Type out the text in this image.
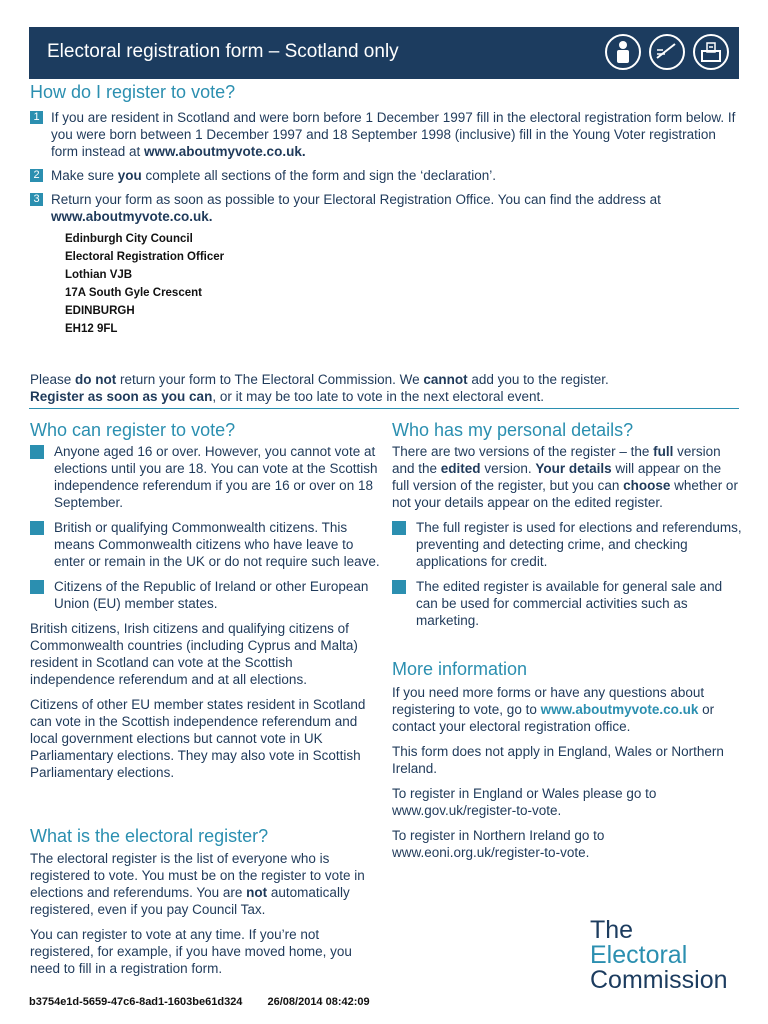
Electoral registration form – Scotland only
How do I register to vote?
1 If you are resident in Scotland and were born before 1 December 1997 fill in the electoral registration form below. If you were born between 1 December 1997 and 18 September 1998 (inclusive) fill in the Young Voter registration form instead at www.aboutmyvote.co.uk.

2 Make sure you complete all sections of the form and sign the ‘declaration’.

3 Return your form as soon as possible to your Electoral Registration Office. You can find the address at www.aboutmyvote.co.uk.

Edinburgh City Council
Electoral Registration Officer
Lothian VJB
17A South Gyle Crescent
EDINBURGH
EH12 9FL

Please do not return your form to The Electoral Commission. We cannot add you to the register.

Register as soon as you can, or it may be too late to vote in the next electoral event.

Who can register to vote?

Anyone aged 16 or over. However, you cannot vote at elections until you are 18. You can vote at the Scottish independence referendum if you are 16 or over on 18 September.

British or qualifying Commonwealth citizens. This means Commonwealth citizens who have leave to enter or remain in the UK or do not require such leave.

Citizens of the Republic of Ireland or other European Union (EU) member states.

British citizens, Irish citizens and qualifying citizens of Commonwealth countries (including Cyprus and Malta) resident in Scotland can vote at the Scottish independence referendum and at all elections.

Citizens of other EU member states resident in Scotland can vote in the Scottish independence referendum and local government elections but cannot vote in UK Parliamentary elections. They may also vote in Scottish Parliamentary elections.

What is the electoral register?

The electoral register is the list of everyone who is registered to vote. You must be on the register to vote in elections and referendums. You are not automatically registered, even if you pay Council Tax.

You can register to vote at any time. If you’re not registered, for example, if you have moved home, you need to fill in a registration form.

Who has my personal details?

There are two versions of the register – the full version and the edited version. Your details will appear on the full version of the register, but you can choose whether or not your details appear on the edited register.

The full register is used for elections and referendums, preventing and detecting crime, and checking applications for credit.

The edited register is available for general sale and can be used for commercial activities such as marketing.

More information

If you need more forms or have any questions about registering to vote, go to www.aboutmyvote.co.uk or contact your electoral registration office.

This form does not apply in England, Wales or Northern Ireland.

To register in England or Wales please go to www.gov.uk/register-to-vote.

To register in Northern Ireland go to www.eoni.org.uk/register-to-vote.

The
Electoral
Commission
b3754e1d-5659-47c6-8ad1-1603be61d324 26/08/2014 08:42:09
